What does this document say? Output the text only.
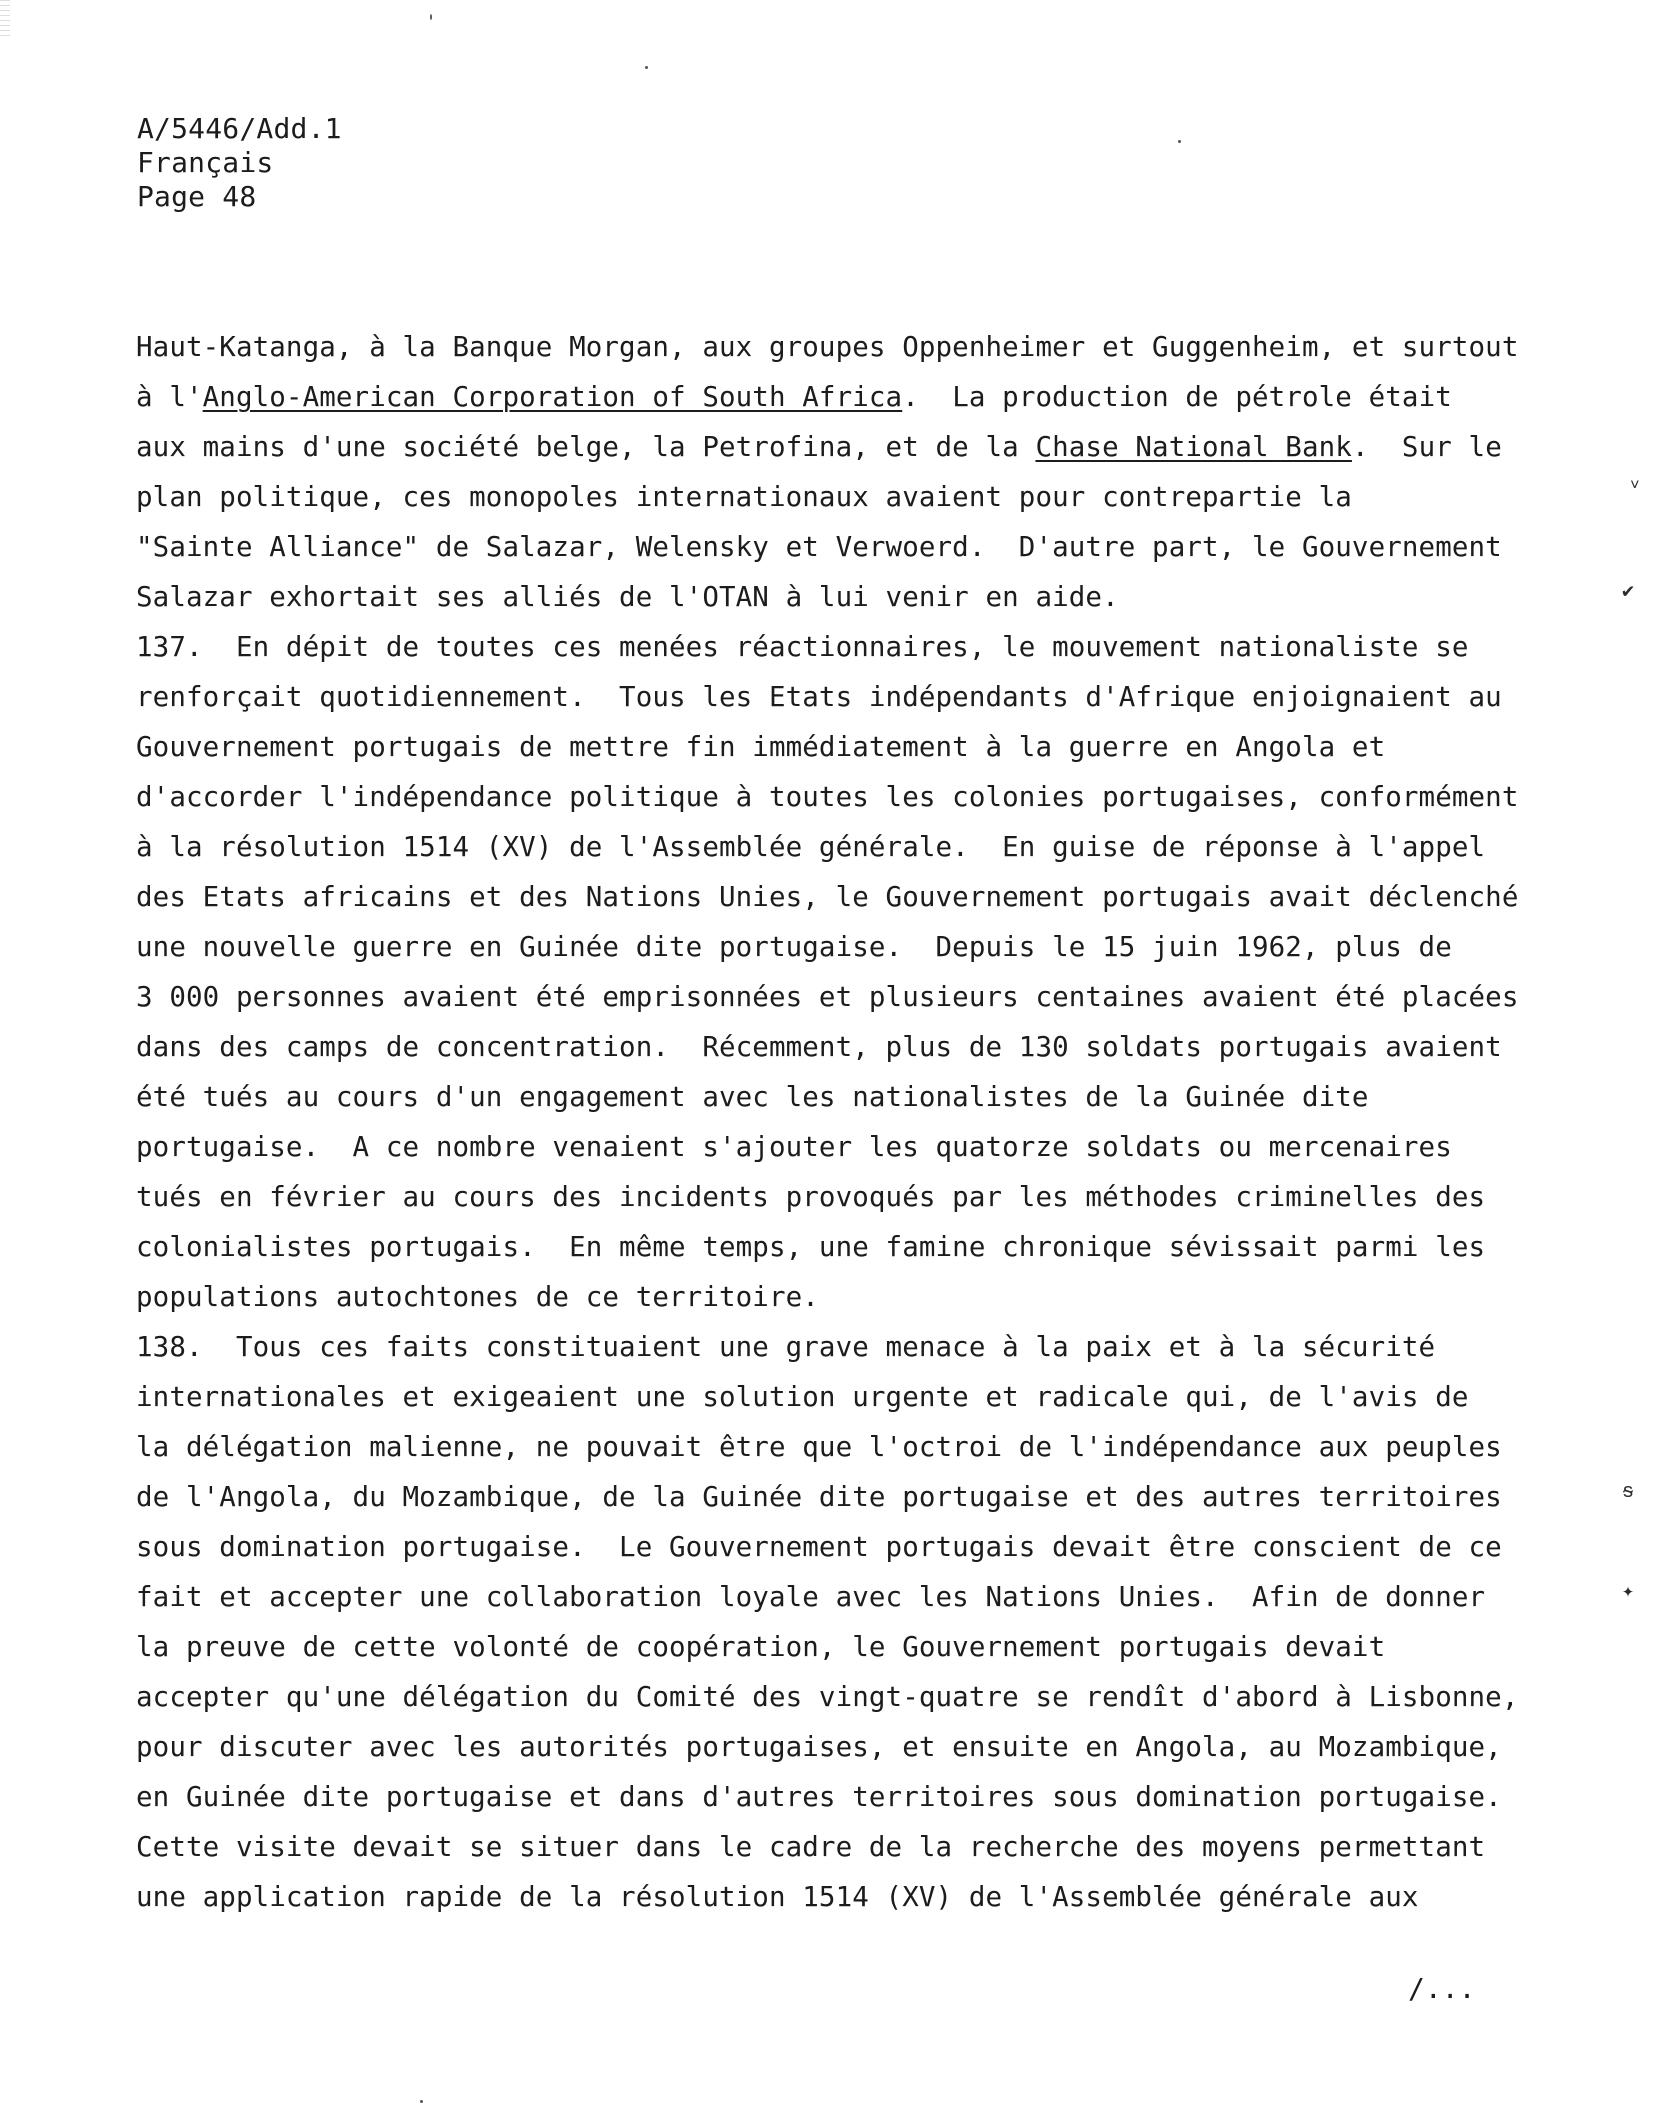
A/5446/Add.1
Français
Page 48
Haut-Katanga, à la Banque Morgan, aux groupes Oppenheimer et Guggenheim, et surtout
à l'Anglo-American Corporation of South Africa.  La production de pétrole était
aux mains d'une société belge, la Petrofina, et de la Chase National Bank.  Sur le
plan politique, ces monopoles internationaux avaient pour contrepartie la
"Sainte Alliance" de Salazar, Welensky et Verwoerd.  D'autre part, le Gouvernement
Salazar exhortait ses alliés de l'OTAN à lui venir en aide.
137.  En dépit de toutes ces menées réactionnaires, le mouvement nationaliste se
renforçait quotidiennement.  Tous les Etats indépendants d'Afrique enjoignaient au
Gouvernement portugais de mettre fin immédiatement à la guerre en Angola et
d'accorder l'indépendance politique à toutes les colonies portugaises, conformément
à la résolution 1514 (XV) de l'Assemblée générale.  En guise de réponse à l'appel
des Etats africains et des Nations Unies, le Gouvernement portugais avait déclenché
une nouvelle guerre en Guinée dite portugaise.  Depuis le 15 juin 1962, plus de
3 000 personnes avaient été emprisonnées et plusieurs centaines avaient été placées
dans des camps de concentration.  Récemment, plus de 130 soldats portugais avaient
été tués au cours d'un engagement avec les nationalistes de la Guinée dite
portugaise.  A ce nombre venaient s'ajouter les quatorze soldats ou mercenaires
tués en février au cours des incidents provoqués par les méthodes criminelles des
colonialistes portugais.  En même temps, une famine chronique sévissait parmi les
populations autochtones de ce territoire.
138.  Tous ces faits constituaient une grave menace à la paix et à la sécurité
internationales et exigeaient une solution urgente et radicale qui, de l'avis de
la délégation malienne, ne pouvait être que l'octroi de l'indépendance aux peuples
de l'Angola, du Mozambique, de la Guinée dite portugaise et des autres territoires
sous domination portugaise.  Le Gouvernement portugais devait être conscient de ce
fait et accepter une collaboration loyale avec les Nations Unies.  Afin de donner
la preuve de cette volonté de coopération, le Gouvernement portugais devait
accepter qu'une délégation du Comité des vingt-quatre se rendît d'abord à Lisbonne,
pour discuter avec les autorités portugaises, et ensuite en Angola, au Mozambique,
en Guinée dite portugaise et dans d'autres territoires sous domination portugaise.
Cette visite devait se situer dans le cadre de la recherche des moyens permettant
une application rapide de la résolution 1514 (XV) de l'Assemblée générale aux
/...
˅
✔
ᵴ
✦
